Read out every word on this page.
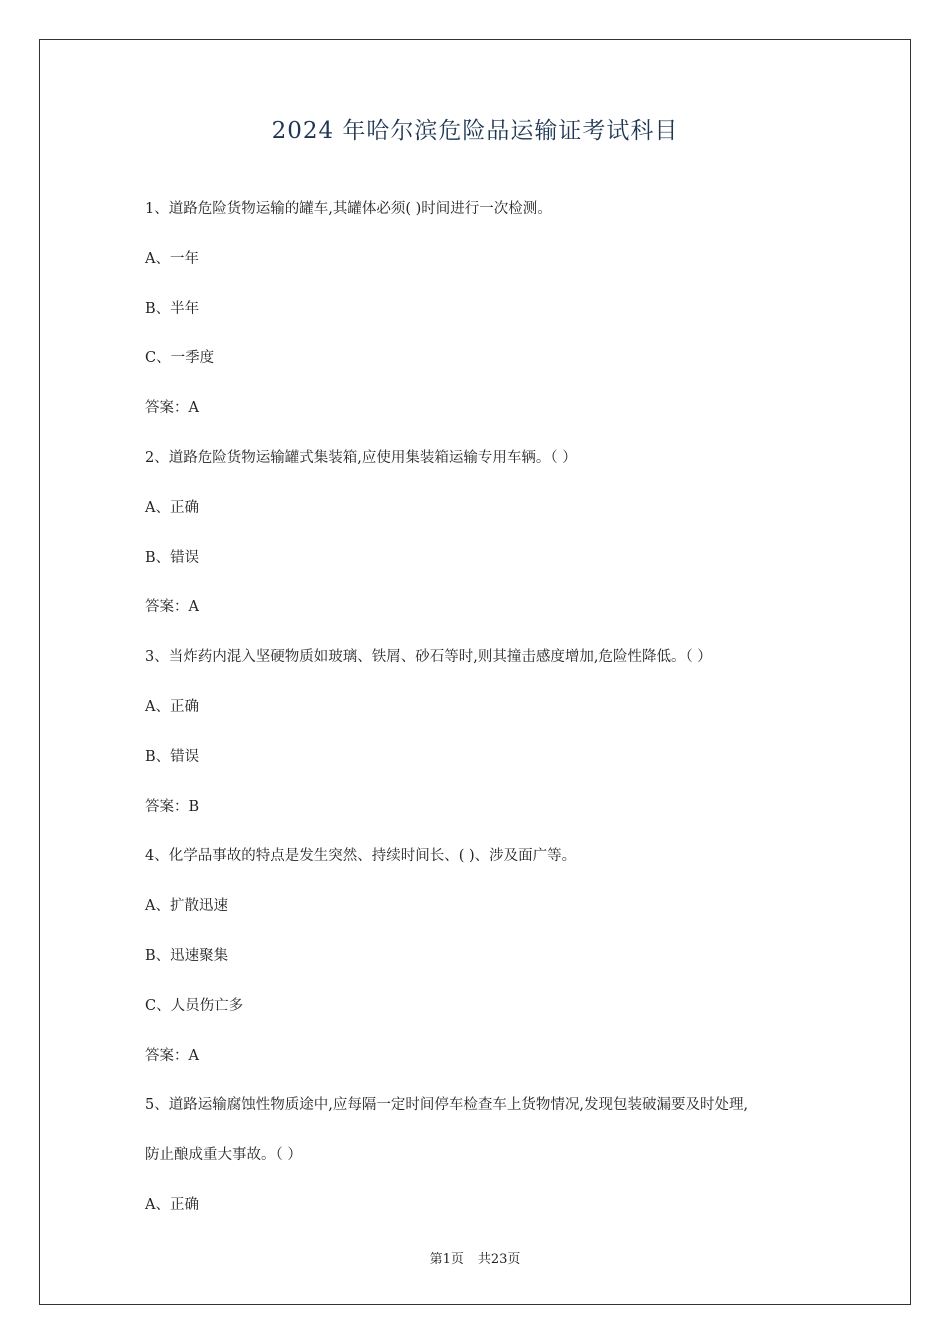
2024 年哈尔滨危险品运输证考试科目
1、道路危险货物运输的罐车,其罐体必须( )时间进行一次检测。
A、一年
B、半年
C、一季度
答案：A
2、道路危险货物运输罐式集装箱,应使用集装箱运输专用车辆。（ ）
A、正确
B、错误
答案：A
3、当炸药内混入坚硬物质如玻璃、铁屑、砂石等时,则其撞击感度增加,危险性降低。（ ）
A、正确
B、错误
答案：B
4、化学品事故的特点是发生突然、持续时间长、( )、涉及面广等。
A、扩散迅速
B、迅速聚集
C、人员伤亡多
答案：A
5、道路运输腐蚀性物质途中,应每隔一定时间停车检查车上货物情况,发现包装破漏要及时处理,
防止酿成重大事故。（ ）
A、正确
第1页 共23页
